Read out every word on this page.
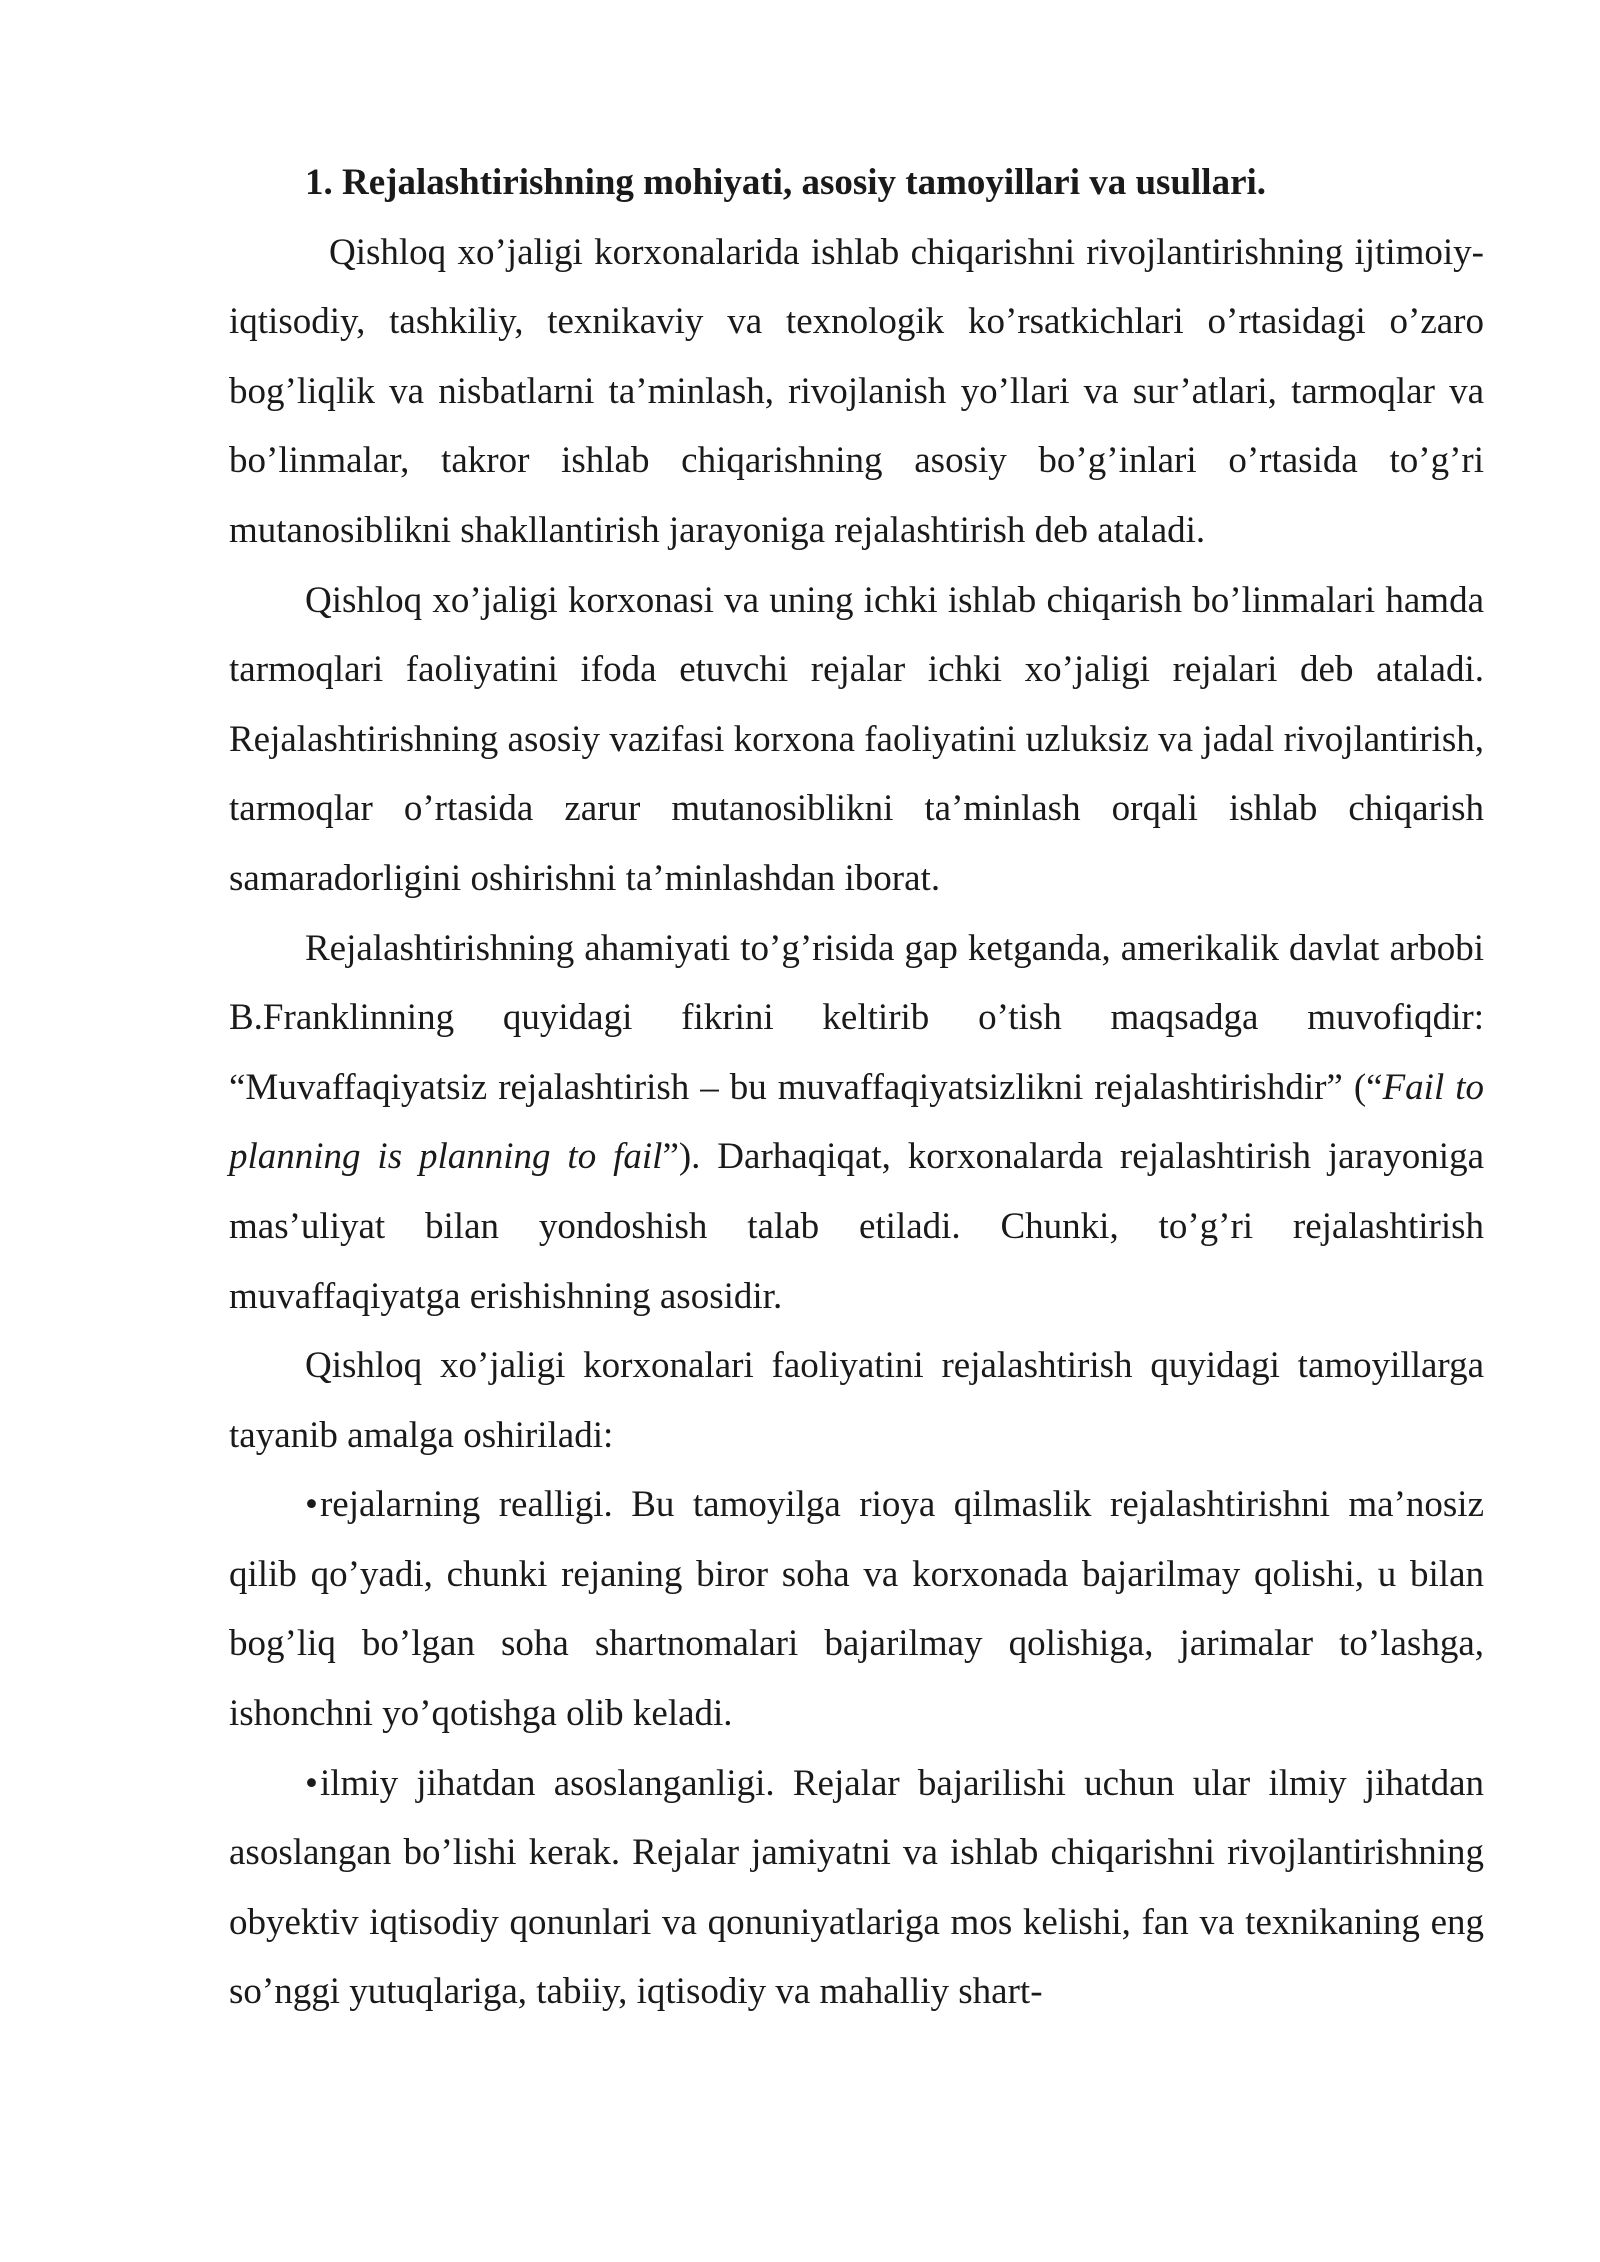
1. Rejalashtirishning mohiyati, asosiy tamoyillari va usullari.

Qishloq xo’jaligi korxonalarida ishlab chiqarishni rivojlantirishning ijtimoiy-iqtisodiy, tashkiliy, texnikaviy va texnologik ko’rsatkichlari o’rtasidagi o’zaro bog’liqlik va nisbatlarni ta’minlash, rivojlanish yo’llari va sur’atlari, tarmoqlar va bo’linmalar, takror ishlab chiqarishning asosiy bo’g’inlari o’rtasida to’g’ri mutanosiblikni shakllantirish jarayoniga rejalashtirish deb ataladi.

Qishloq xo’jaligi korxonasi va uning ichki ishlab chiqarish bo’linmalari hamda tarmoqlari faoliyatini ifoda etuvchi rejalar ichki xo’jaligi rejalari deb ataladi. Rejalashtirishning asosiy vazifasi korxona faoliyatini uzluksiz va jadal rivojlantirish, tarmoqlar o’rtasida zarur mutanosiblikni ta’minlash orqali ishlab chiqarish samaradorligini oshirishni ta’minlashdan iborat.

Rejalashtirishning ahamiyati to’g’risida gap ketganda, amerikalik davlat arbobi B.Franklinning quyidagi fikrini keltirib o’tish maqsadga muvofiqdir: “Muvaffaqiyatsiz rejalashtirish – bu muvaffaqiyatsizlikni rejalashtirishdir” (“Fail to planning is planning to fail”). Darhaqiqat, korxonalarda rejalashtirish jarayoniga mas’uliyat bilan yondoshish talab etiladi. Chunki, to’g’ri rejalashtirish muvaffaqiyatga erishishning asosidir.

Qishloq xo’jaligi korxonalari faoliyatini rejalashtirish quyidagi tamoyillarga tayanib amalga oshiriladi:

•rejalarning realligi. Bu tamoyilga rioya qilmaslik rejalashtirishni ma’nosiz qilib qo’yadi, chunki rejaning biror soha va korxonada bajarilmay qolishi, u bilan bog’liq bo’lgan soha shartnomalari bajarilmay qolishiga, jarimalar to’lashga, ishonchni yo’qotishga olib keladi.

•ilmiy jihatdan asoslanganligi. Rejalar bajarilishi uchun ular ilmiy jihatdan asoslangan bo’lishi kerak. Rejalar jamiyatni va ishlab chiqarishni rivojlantirishning obyektiv iqtisodiy qonunlari va qonuniyatlariga mos kelishi, fan va texnikaning eng so’nggi yutuqlariga, tabiiy, iqtisodiy va mahalliy shart-
